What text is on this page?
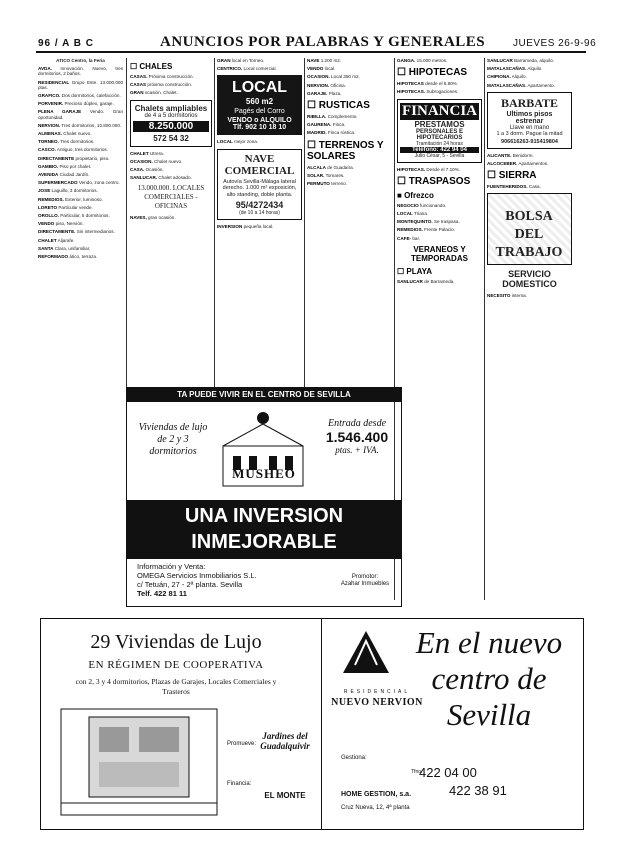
96 / A B C	ANUNCIOS POR PALABRAS Y GENERALES	JUEVES 26-9-96

ATICO Centro, la Feria

AVDA. Innovación. Nuevo, tres dormitorios, 2 baños.

RESIDENCIAL Grupo Este. 13.000.000 ptas.

GRAFICO. Dos dormitorios, calefacción.

PORVENIR. Precioso dúplex, garaje.

PLENA GARAJE Vendo. Gran oportunidad.

NERVION. Tres dormitorios, 10.800.000.

ALMENAS. Chalet nuevo.

TORNEO. Tres dormitorios.

CASCO. Antiguo, tres dormitorios.

DIRECTAMENTE propietario, piso.

GAMBIO. Piso por chalet.

AVENIDA Ciudad Jardín.

SUPERMERCADO Vendo, zona centro.

JOSE Laguillo, 3 dormitorios.

REMEDIOS. Exterior, luminoso.

LORETO Particular vende.

OROLLO. Particular, 5 dormitorios.

VENDO piso, Nervión.

DIRECTAMENTE. Sin intermediarios.

CHALET Aljarafe.

SANTA Clara, unifamiliar.

REFORMADO ático, terraza.

☐ CHALES

CASAS. Próxima construcción.

CASAS próxima construcción.

GRAN ocasión. Chalet.

Chalets ampliables
de 4 a 5 dormitorios
8.250.000
572 54 32

CHALET Utrera.

OCASION. Chalet nuevo.

CASA. Ocasión.

SANLUCAR. Chalet adosado.

13.000.000. LOCALES COMERCIALES - OFICINAS

NAVES, gran ocasión.

GRAN local en Torneo.

CENTRICO. Local comercial.

LOCAL
560 m2
Pagés del Corro
VENDO o ALQUILO
Tlf. 902 10 18 10

LOCAL mejor zona.

NAVE COMERCIAL
Autovía Sevilla-Málaga lateral derecho. 1.000 m² exposición, alto standing, doble planta.
95/4272434
(de 10 a 14 horas)

INVERSION pequeña local.

NAVE 1.200 m2.

VENDO local.

OCASION. Local 350 m2.

NERVION. Oficina.

GARAJE. Plaza.

☐ RUSTICAS

RIBILLA. Complemento.

GAURENA. Finca.

MADRID. Finca rústica.

☐ TERRENOS Y SOLARES

ALCALA de Guadaíra.

SOLAR. Tomares.

PERMUTO terreno.

GANGA. 15.000 metros.

☐ HIPOTECAS

HIPOTECAS desde el 6.80%.

HIPOTECAS. Subrogaciones.

FINANCIA
PRESTAMOS
PERSONALES E HIPOTECARIOS
Tramitación 24 horas
Teléfono: 422 94 04
Julio César, 5 - Sevilla

HIPOTECAS. Desde el 7.10%.

☐ TRASPASOS
■ Ofrezco

NEGOCIO funcionando.

LOCAL Triana.

MONTEQUINTO. Se traspasa.

REMEDIOS. Frente Palacio.

CAFE- bar.

VERANEOS Y TEMPORADAS
☐ PLAYA

SANLUCAR de Barrameda.

SANLUCAR Barrameda, alquilo.

MATALASCAÑAS. Alquilo.

CHIPIONA. Alquilo.

MATALASCAÑAS. Apartamento.

BARBATE
Ultimos pisos
estrenar
Llave en mano
1 a 3 dorm. Pague la mitad
906616263-915419804

ALICANTE. Benidorm.

ALCOCEBER. Apartamentos.

☐ SIERRA

FUENTEHERIDOS. Casa.

BOLSA DEL TRABAJO
SERVICIO DOMESTICO

NECESITO interna.

TA PUEDE VIVIR EN EL CENTRO DE SEVILLA
Viviendas de lujo de 2 y 3 dormitorios
MUSHEO
Entrada desde
1.546.400
ptas. + IVA.
UNA INVERSION INMEJORABLE
Información y Venta:
OMEGA Servicios Inmobiliarios S.L.
c/ Tetuán, 27 - 2ª planta. Sevilla
Telf. 422 81 11
Promotor:
Azahar Inmuebles
29 Viviendas de Lujo
EN RÉGIMEN DE COOPERATIVA
con 2, 3 y 4 dormitorios, Plazas de Garajes, Locales Comerciales y Trasteros
Promueve:
Jardines del Guadalquivir
Financia:
EL MONTE
RESIDENCIAL
NUEVO NERVION
Gestiona:
HOME GESTION, s.a.
Cruz Nueva, 12, 4ª planta
En el nuevo
centro de
Sevilla
Tfno.
422 04 00
422 38 91
